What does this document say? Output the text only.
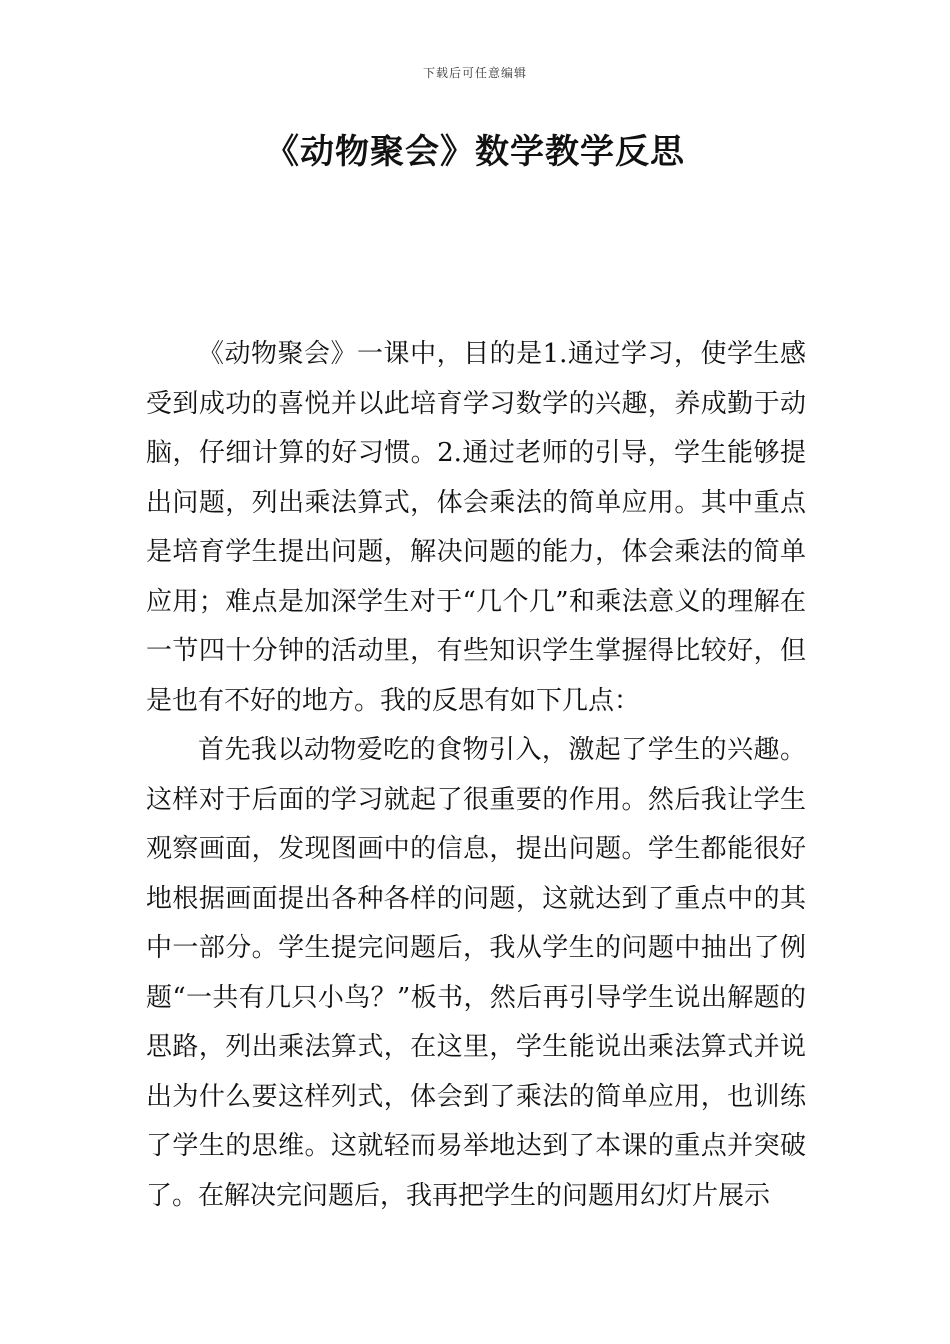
下载后可任意编辑
《动物聚会》数学教学反思

《动物聚会》一课中，目的是1.通过学习，使学生感受到成功的喜悦并以此培育学习数学的兴趣，养成勤于动脑，仔细计算的好习惯。2.通过老师的引导，学生能够提出问题，列出乘法算式，体会乘法的简单应用。其中重点是培育学生提出问题，解决问题的能力，体会乘法的简单应用；难点是加深学生对于“几个几”和乘法意义的理解在一节四十分钟的活动里，有些知识学生掌握得比较好，但是也有不好的地方。我的反思有如下几点：

首先我以动物爱吃的食物引入，激起了学生的兴趣。这样对于后面的学习就起了很重要的作用。然后我让学生观察画面，发现图画中的信息，提出问题。学生都能很好地根据画面提出各种各样的问题，这就达到了重点中的其中一部分。学生提完问题后，我从学生的问题中抽出了例题“一共有几只小鸟？”板书，然后再引导学生说出解题的思路，列出乘法算式，在这里，学生能说出乘法算式并说出为什么要这样列式，体会到了乘法的简单应用，也训练了学生的思维。这就轻而易举地达到了本课的重点并突破了。在解决完问题后，我再把学生的问题用幻灯片展示
